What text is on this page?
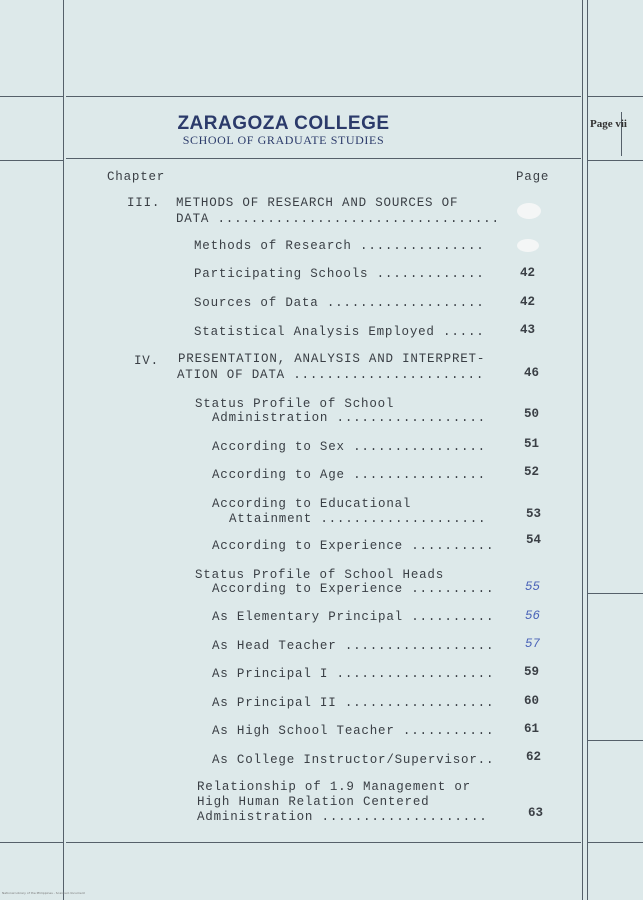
ZARAGOZA COLLEGE
SCHOOL OF GRADUATE STUDIES
Page vii
Chapter	Page
III. METHODS OF RESEARCH AND SOURCES OF
DATA ..................................
Methods of Research ...............
Participating Schools .............	42
Sources of Data ...................	42
Statistical Analysis Employed .....	43
IV. PRESENTATION, ANALYSIS AND INTERPRET-
ATION OF DATA .......................	46
Status Profile of School
Administration ..................	50
According to Sex ................	51
According to Age ................	52
According to Educational
Attainment ....................	53
According to Experience ..........	54
Status Profile of School Heads
According to Experience .......... 55
As Elementary Principal .......... 56
As Head Teacher .................. 57
As Principal I ................... 59
As Principal II .................. 60
As High School Teacher ........... 61
As College Instructor/Supervisor..	62
Relationship of 1.9 Management or
High Human Relation Centered
Administration ....................	63
National Library of the Philippines - Scanned document
